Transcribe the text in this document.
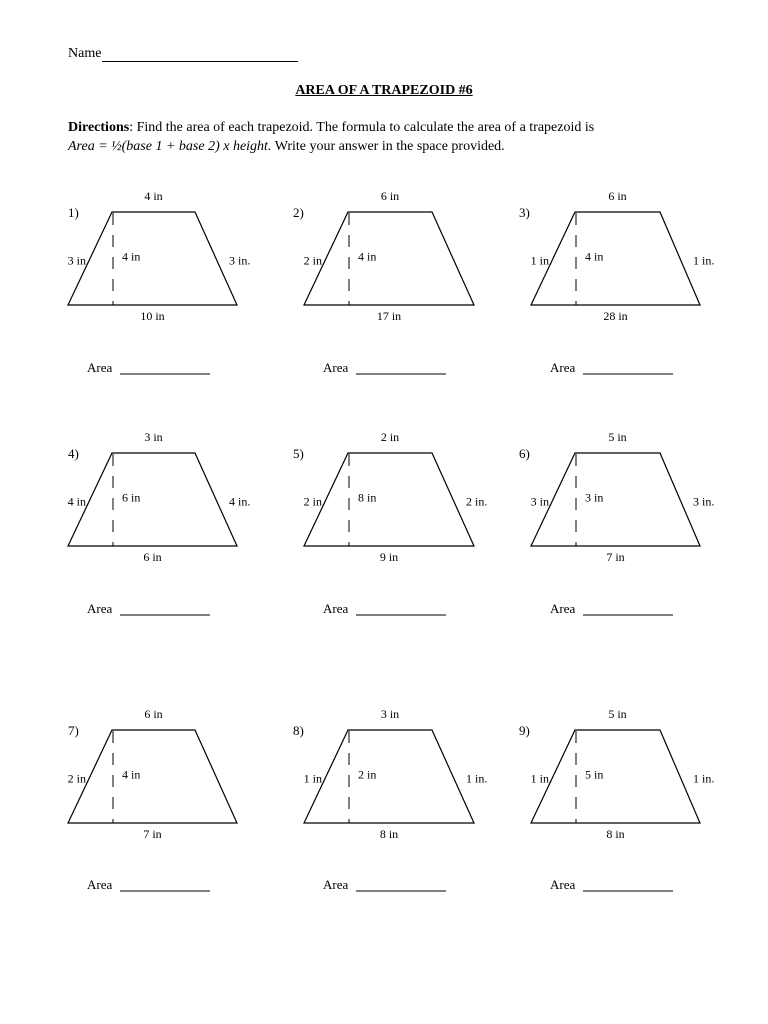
Name
AREA OF A TRAPEZOID #6
Directions: Find the area of each trapezoid. The formula to calculate the area of a trapezoid is
Area = ½(base 1 + base 2) x height. Write your answer in the space provided.
1)
4 in
10 in
4 in
3 in.	3 in.
Area
2)
6 in
17 in
4 in
2 in.
Area
3)
6 in
28 in
4 in
1 in.	1 in.
Area
4)
3 in
6 in
6 in
4 in.	4 in.
Area
5)
2 in
9 in
8 in
2 in.	2 in.
Area
6)
5 in
7 in
3 in
3 in.	3 in.
Area
7)
6 in
7 in
4 in
2 in.
Area
8)
3 in
8 in
2 in
1 in.	1 in.
Area
9)
5 in
8 in
5 in
1 in.	1 in.
Area
